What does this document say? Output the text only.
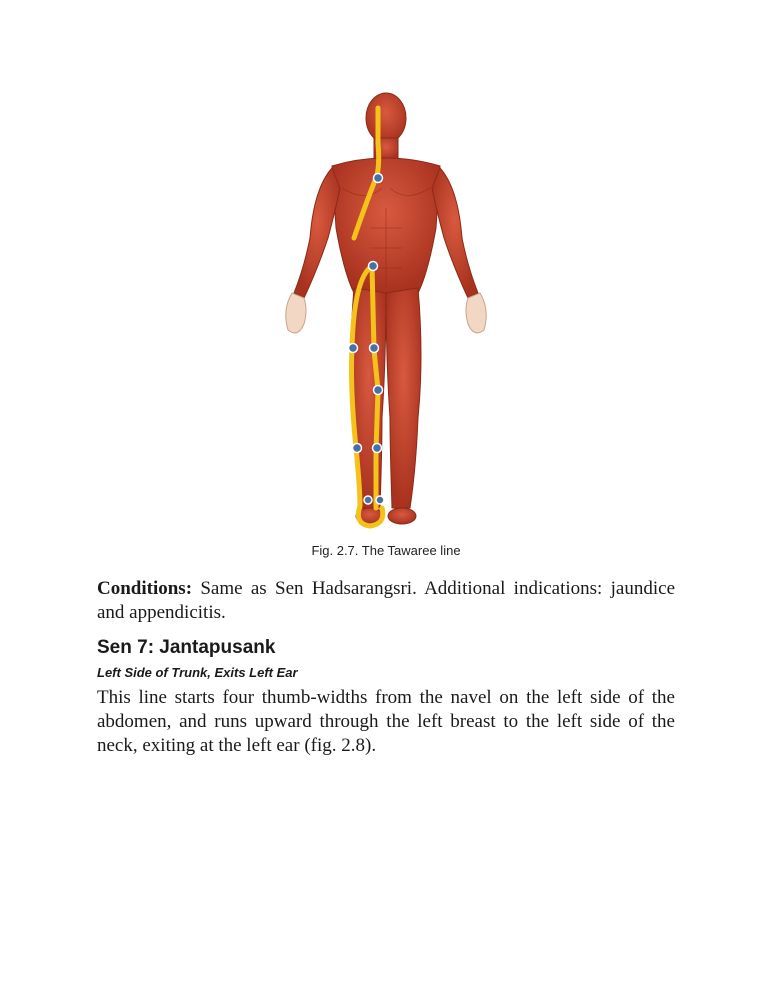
Fig. 2.7. The Tawaree line

Conditions: Same as Sen Hadsarangsri. Additional indications: jaundice and appendicitis.

Sen 7: Jantapusank
Left Side of Trunk, Exits Left Ear

This line starts four thumb-widths from the navel on the left side of the abdomen, and runs upward through the left breast to the left side of the neck, exiting at the left ear (fig. 2.8).
